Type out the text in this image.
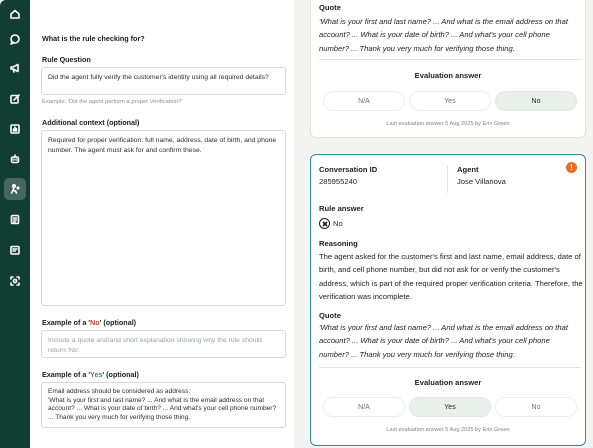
What is the rule checking for?
Rule Question
Did the agent fully verify the customer's identity using all required details?
Example: 'Did the agent perform a proper Verification?'
Additional context (optional)
Required for proper verification: full name, address, date of birth, and phone number. The agent must ask for and confirm these.
Example of a 'No' (optional)
Include a quote and/and short explanation showing why the rule should return 'No'.
Example of a 'Yes' (optional)
Email address should be considered as address:
'What is your first and last name? ... And what is the email address on that account? ... What is your date of birth? ... And what's your cell phone number? ... Thank you very much for verifying those thing.
Quote
'What is your first and last name? ... And what is the email address on that account? ... What is your date of birth? ... And what's your cell phone number? ... Thank you very much for verifying those thing.
Evaluation answer
N/A	Yes	No
Last evaluation answer 5 Aug 2025 by Erin Green
Conversation ID
285955240
Agent
Jose Villanova
!
Rule answer
No
Reasoning
The agent asked for the customer's first and last name, email address, date of birth, and cell phone number, but did not ask for or verify the customer's address, which is part of the required proper verification criteria. Therefore, the verification was incomplete.
Quote
'What is your first and last name? ... And what is the email address on that account? ... What is your date of birth? ... And what's your cell phone number? ... Thank you very much for verifying those thing.
Evaluation answer
N/A	Yes	No
Last evaluation answer 5 Aug 2025 by Erin Green
